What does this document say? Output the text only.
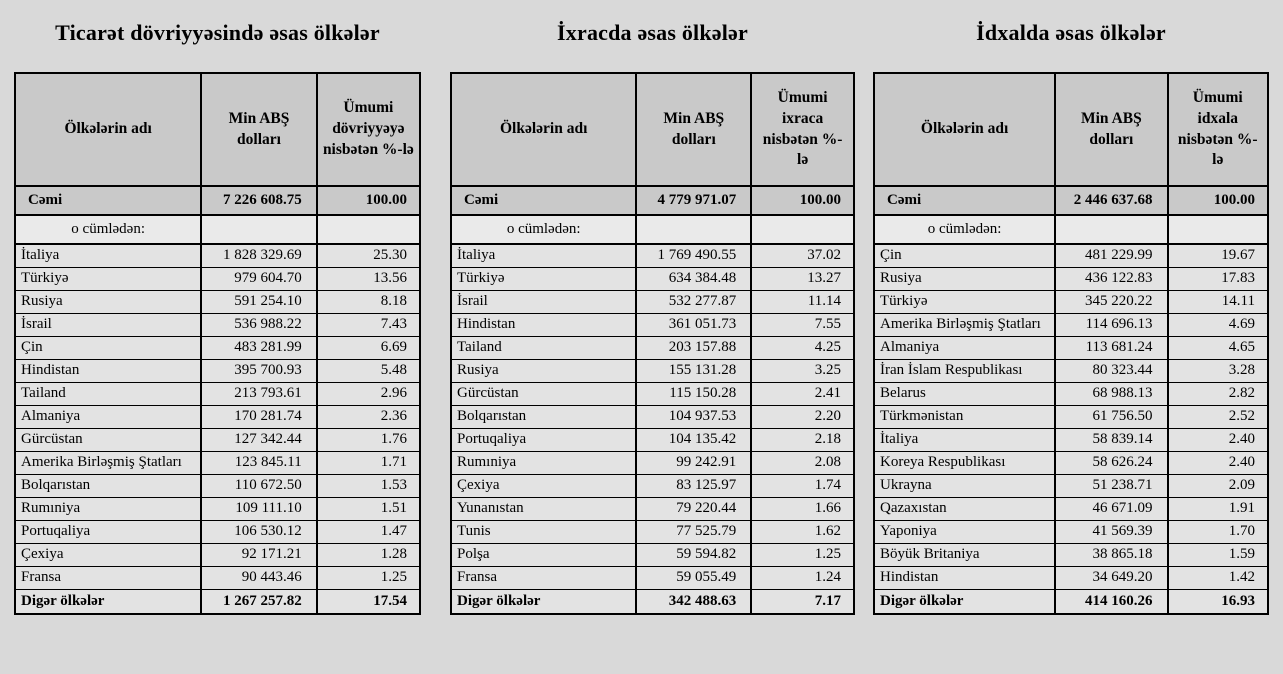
Ticarət dövriyyəsində əsas ölkələr
Ölkələrin adı	Min ABŞ dolları	Ümumi dövriyyəyə nisbətən %-lə
Cəmi	7 226 608.75	100.00
o cümlədən:		
İtaliya	1 828 329.69	25.30
Türkiyə	979 604.70	13.56
Rusiya	591 254.10	8.18
İsrail	536 988.22	7.43
Çin	483 281.99	6.69
Hindistan	395 700.93	5.48
Tailand	213 793.61	2.96
Almaniya	170 281.74	2.36
Gürcüstan	127 342.44	1.76
Amerika Birləşmiş Ştatları	123 845.11	1.71
Bolqarıstan	110 672.50	1.53
Rumıniya	109 111.10	1.51
Portuqaliya	106 530.12	1.47
Çexiya	92 171.21	1.28
Fransa	90 443.46	1.25
Digər ölkələr	1 267 257.82	17.54
İxracda əsas ölkələr
Ölkələrin adı	Min ABŞ dolları	Ümumi ixraca nisbətən %-lə
Cəmi	4 779 971.07	100.00
o cümlədən:		
İtaliya	1 769 490.55	37.02
Türkiyə	634 384.48	13.27
İsrail	532 277.87	11.14
Hindistan	361 051.73	7.55
Tailand	203 157.88	4.25
Rusiya	155 131.28	3.25
Gürcüstan	115 150.28	2.41
Bolqarıstan	104 937.53	2.20
Portuqaliya	104 135.42	2.18
Rumıniya	99 242.91	2.08
Çexiya	83 125.97	1.74
Yunanıstan	79 220.44	1.66
Tunis	77 525.79	1.62
Polşa	59 594.82	1.25
Fransa	59 055.49	1.24
Digər ölkələr	342 488.63	7.17
İdxalda əsas ölkələr
Ölkələrin adı	Min ABŞ dolları	Ümumi idxala nisbətən %-lə
Cəmi	2 446 637.68	100.00
o cümlədən:		
Çin	481 229.99	19.67
Rusiya	436 122.83	17.83
Türkiyə	345 220.22	14.11
Amerika Birləşmiş Ştatları	114 696.13	4.69
Almaniya	113 681.24	4.65
İran İslam Respublikası	80 323.44	3.28
Belarus	68 988.13	2.82
Türkmənistan	61 756.50	2.52
İtaliya	58 839.14	2.40
Koreya Respublikası	58 626.24	2.40
Ukrayna	51 238.71	2.09
Qazaxıstan	46 671.09	1.91
Yaponiya	41 569.39	1.70
Böyük Britaniya	38 865.18	1.59
Hindistan	34 649.20	1.42
Digər ölkələr	414 160.26	16.93
